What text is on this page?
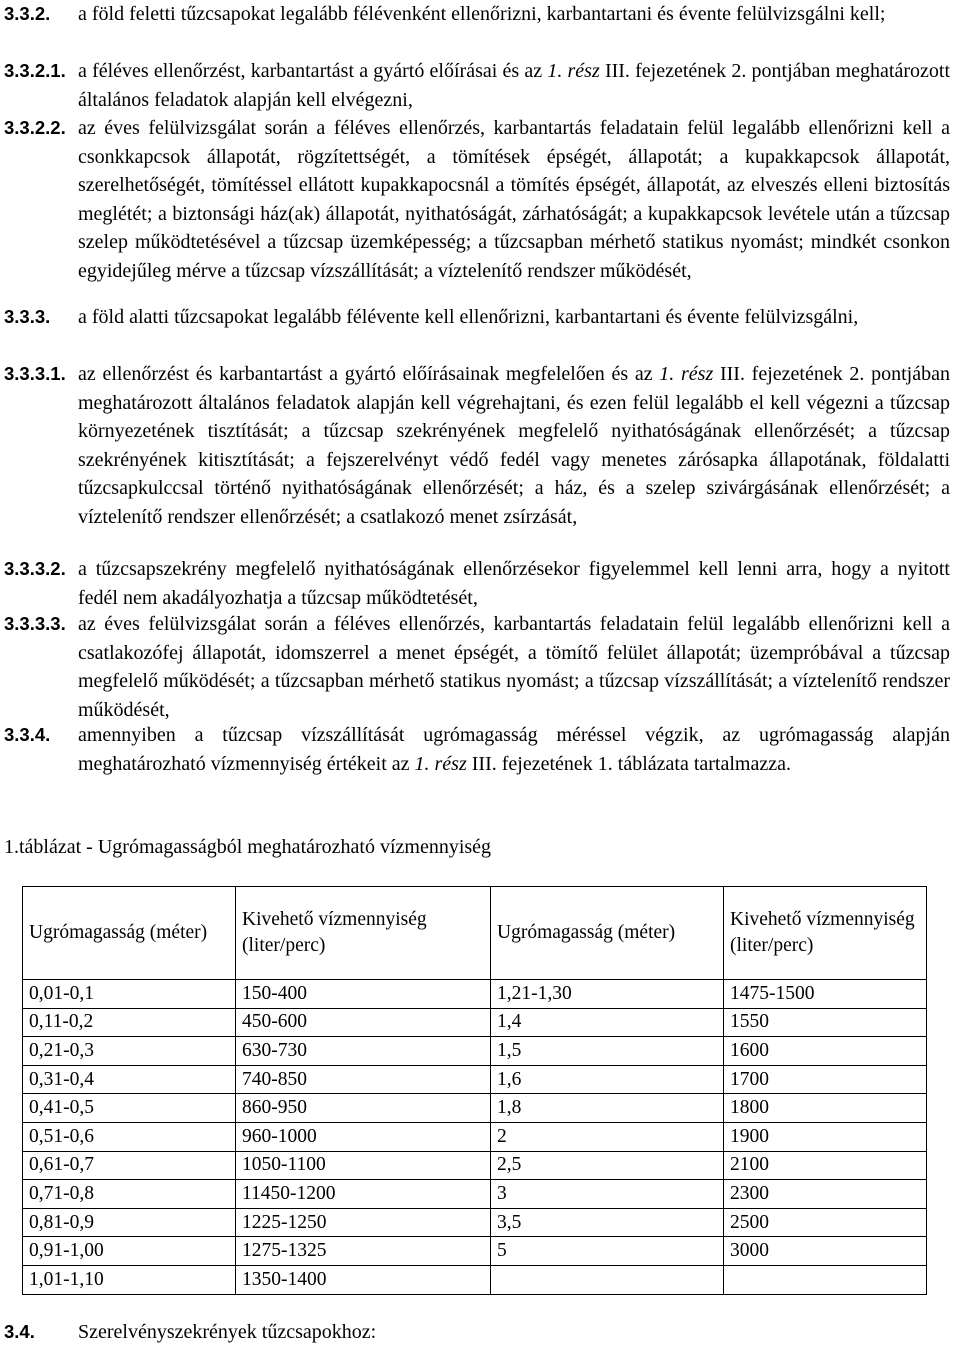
3.3.2.	a föld feletti tűzcsapokat legalább félévenként ellenőrizni, karbantartani és évente felülvizsgálni kell;
3.3.2.1. a féléves ellenőrzést, karbantartást a gyártó előírásai és az 1. rész III. fejezetének 2. pontjában meghatározott általános feladatok alapján kell elvégezni,
3.3.2.2. az éves felülvizsgálat során a féléves ellenőrzés, karbantartás feladatain felül legalább ellenőrizni kell a csonkkapcsok állapotát, rögzítettségét, a tömítések épségét, állapotát; a kupakkapcsok állapotát, szerelhetőségét, tömítéssel ellátott kupakkapocsnál a tömítés épségét, állapotát, az elveszés elleni biztosítás meglétét; a biztonsági ház(ak) állapotát, nyithatóságát, zárhatóságát; a kupakkapcsok levétele után a tűzcsap szelep működtetésével a tűzcsap üzemképesség; a tűzcsapban mérhető statikus nyomást; mindkét csonkon egyidejűleg mérve a tűzcsap vízszállítását; a víztelenítő rendszer működését,
3.3.3.	a föld alatti tűzcsapokat legalább félévente kell ellenőrizni, karbantartani és évente felülvizsgálni,
3.3.3.1. az ellenőrzést és karbantartást a gyártó előírásainak megfelelően és az 1. rész III. fejezetének 2. pontjában meghatározott általános feladatok alapján kell végrehajtani, és ezen felül legalább el kell végezni a tűzcsap környezetének tisztítását; a tűzcsap szekrényének megfelelő nyithatóságának ellenőrzését; a tűzcsap szekrényének kitisztítását; a fejszerelvényt védő fedél vagy menetes zárósapka állapotának, földalatti tűzcsapkulccsal történő nyithatóságának ellenőrzését; a ház, és a szelep szivárgásának ellenőrzését; a víztelenítő rendszer ellenőrzését; a csatlakozó menet zsírzását,
3.3.3.2. a tűzcsapszekrény megfelelő nyithatóságának ellenőrzésekor figyelemmel kell lenni arra, hogy a nyitott fedél nem akadályozhatja a tűzcsap működtetését,
3.3.3.3. az éves felülvizsgálat során a féléves ellenőrzés, karbantartás feladatain felül legalább ellenőrizni kell a csatlakozófej állapotát, idomszerrel a menet épségét, a tömítő felület állapotát; üzempróbával a tűzcsap megfelelő működését; a tűzcsapban mérhető statikus nyomást; a tűzcsap vízszállítását; a víztelenítő rendszer működését,
3.3.4.	amennyiben a tűzcsap vízszállítását ugrómagasság méréssel végzik, az ugrómagasság alapján meghatározható vízmennyiség értékeit az 1. rész III. fejezetének 1. táblázata tartalmazza.
1.táblázat - Ugrómagasságból meghatározható vízmennyiség
Ugrómagasság (méter)	Kivehető vízmennyiség (liter/perc)	Ugrómagasság (méter)	Kivehető vízmennyiség (liter/perc)
0,01-0,1	150-400	1,21-1,30	1475-1500
0,11-0,2	450-600	1,4	1550
0,21-0,3	630-730	1,5	1600
0,31-0,4	740-850	1,6	1700
0,41-0,5	860-950	1,8	1800
0,51-0,6	960-1000	2	1900
0,61-0,7	1050-1100	2,5	2100
0,71-0,8	11450-1200	3	2300
0,81-0,9	1225-1250	3,5	2500
0,91-1,00	1275-1325	5	3000
1,01-1,10	1350-1400		
3.4. Szerelvényszekrények tűzcsapokhoz:
